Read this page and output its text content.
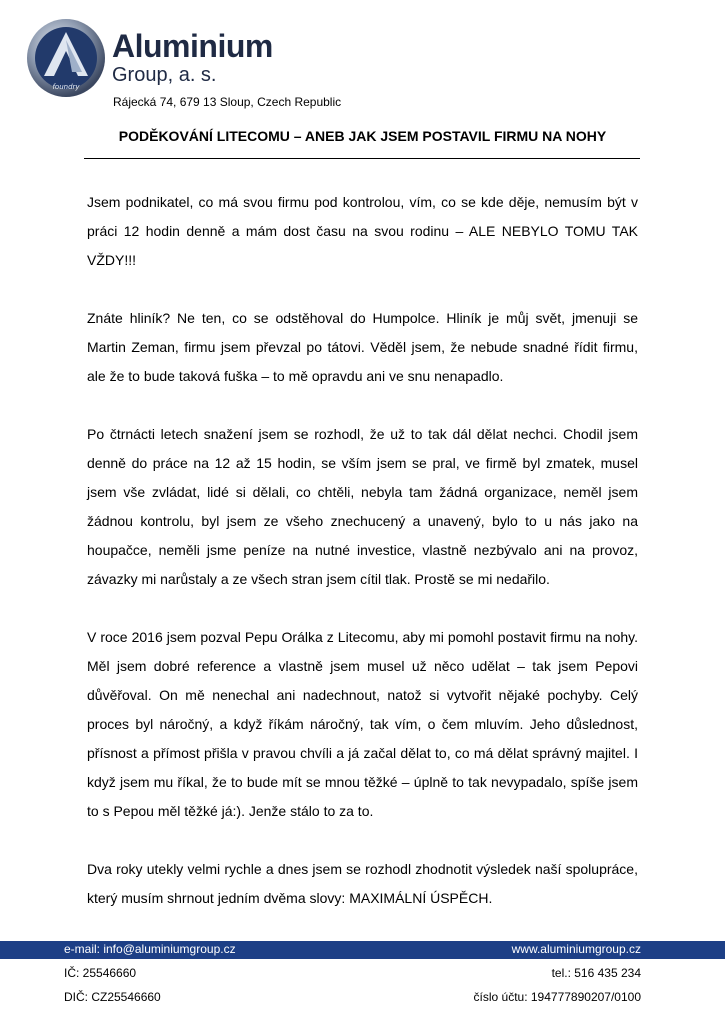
foundry
Aluminium
Group, a. s.
Rájecká 74, 679 13 Sloup, Czech Republic
PODĚKOVÁNÍ LITECOMU – ANEB JAK JSEM POSTAVIL FIRMU NA NOHY

Jsem podnikatel, co má svou firmu pod kontrolou, vím, co se kde děje, nemusím být v práci 12 hodin denně a mám dost času na svou rodinu – ALE NEBYLO TOMU TAK VŽDY!!!

Znáte hliník? Ne ten, co se odstěhoval do Humpolce. Hliník je můj svět, jmenuji se Martin Zeman, firmu jsem převzal po tátovi. Věděl jsem, že nebude snadné řídit firmu, ale že to bude taková fuška – to mě opravdu ani ve snu nenapadlo.

Po čtrnácti letech snažení jsem se rozhodl, že už to tak dál dělat nechci. Chodil jsem denně do práce na 12 až 15 hodin, se vším jsem se pral, ve firmě byl zmatek, musel jsem vše zvládat, lidé si dělali, co chtěli, nebyla tam žádná organizace, neměl jsem žádnou kontrolu, byl jsem ze všeho znechucený a unavený, bylo to u nás jako na houpačce, neměli jsme peníze na nutné investice, vlastně nezbývalo ani na provoz, závazky mi narůstaly a ze všech stran jsem cítil tlak. Prostě se mi nedařilo.

V roce 2016 jsem pozval Pepu Orálka z Litecomu, aby mi pomohl postavit firmu na nohy. Měl jsem dobré reference a vlastně jsem musel už něco udělat – tak jsem Pepovi důvěřoval. On mě nenechal ani nadechnout, natož si vytvořit nějaké pochyby. Celý proces byl náročný, a když říkám náročný, tak vím, o čem mluvím. Jeho důslednost, přísnost a přímost přišla v pravou chvíli a já začal dělat to, co má dělat správný majitel. I když jsem mu říkal, že to bude mít se mnou těžké – úplně to tak nevypadalo, spíše jsem to s Pepou měl těžké já:). Jenže stálo to za to.

Dva roky utekly velmi rychle a dnes jsem se rozhodl zhodnotit výsledek naší spolupráce, který musím shrnout jedním dvěma slovy: MAXIMÁLNÍ ÚSPĚCH.

e-mail: info@aluminiumgroup.cz	www.aluminiumgroup.cz
IČ: 25546660	tel.: 516 435 234
DIČ: CZ25546660	číslo účtu: 194777890207/0100
